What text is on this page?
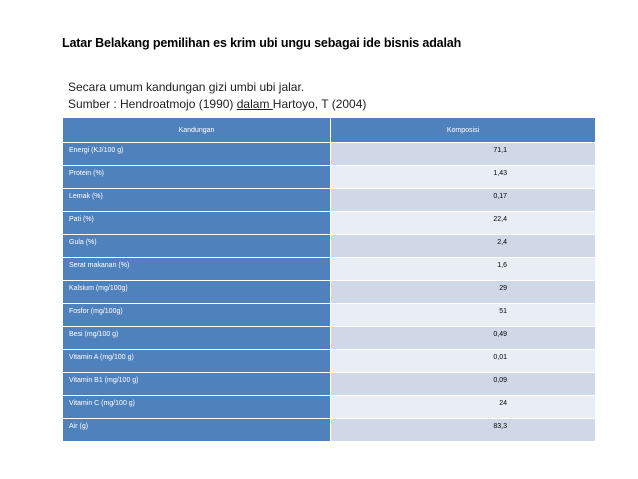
Latar Belakang pemilihan es krim ubi ungu sebagai ide bisnis adalah
Secara umum kandungan gizi umbi ubi jalar.
Sumber : Hendroatmojo (1990) dalam Hartoyo, T (2004)
Kandungan	Komposisi
Energi (KJ/100 g)	71,1
Protein (%)	1,43
Lemak (%)	0,17
Pati (%)	22,4
Gula (%)	2,4
Serat makanan (%)	1,6
Kalsium (mg/100g)	29
Fosfor (mg/100g)	51
Besi (mg/100 g)	0,49
Vitamin A (mg/100 g)	0,01
Vitamin B1 (mg/100 g)	0,09
Vitamin C (mg/100 g)	24
Air (g)	83,3
